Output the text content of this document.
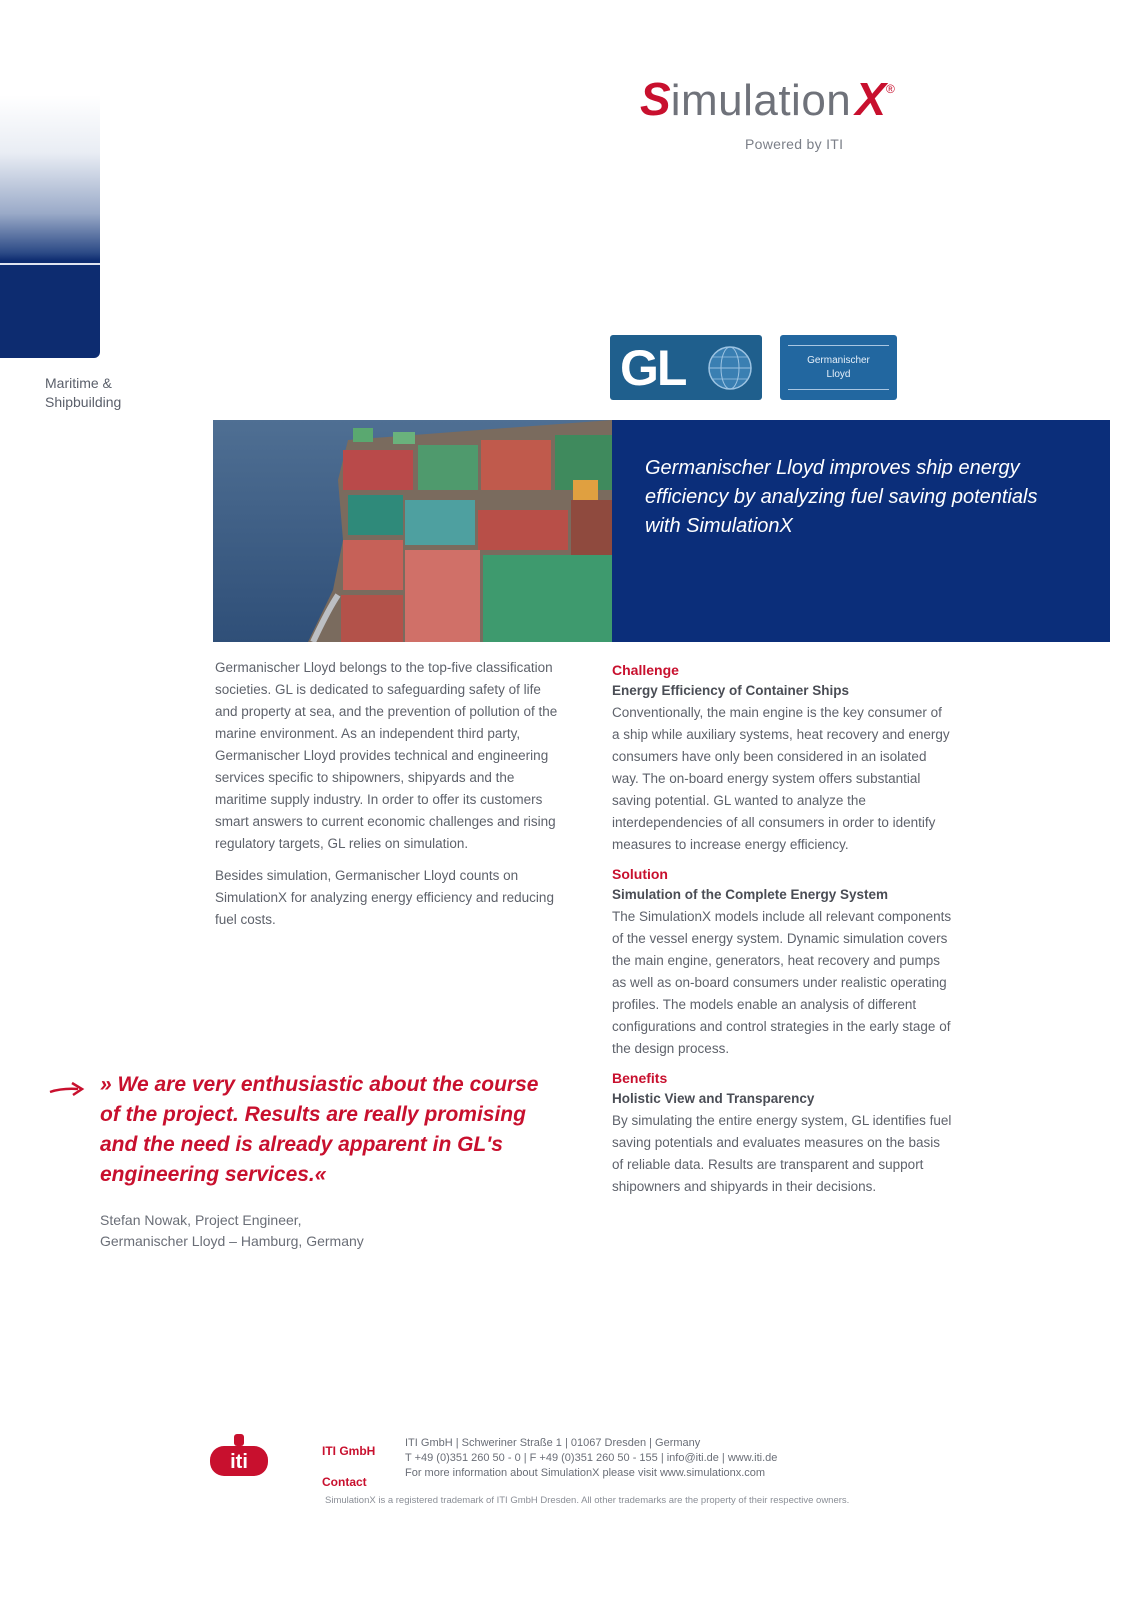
SimulationX®
Powered by ITI
Maritime &
Shipbuilding
GL	Germanischer
Lloyd
Germanischer Lloyd improves ship energy efficiency by analyzing fuel saving potentials with SimulationX

Germanischer Lloyd belongs to the top-five classification societies. GL is dedicated to safeguarding safety of life and property at sea, and the prevention of pollution of the marine environment. As an independent third party, Germanischer Lloyd provides technical and engineering services specific to shipowners, shipyards and the maritime supply industry. In order to offer its customers smart answers to current economic challenges and rising regulatory targets, GL relies on simulation.

Besides simulation, Germanischer Lloyd counts on SimulationX for analyzing energy efficiency and reducing fuel costs.

Challenge
Energy Efficiency of Container Ships

Conventionally, the main engine is the key consumer of a ship while auxiliary systems, heat recovery and energy consumers have only been considered in an isolated way. The on-board energy system offers substantial saving potential. GL wanted to analyze the interdependencies of all consumers in order to identify measures to increase energy efficiency.

Solution
Simulation of the Complete Energy System

The SimulationX models include all relevant components of the vessel energy system. Dynamic simulation covers the main engine, generators, heat recovery and pumps as well as on-board consumers under realistic operating profiles. The models enable an analysis of different configurations and control strategies in the early stage of the design process.

Benefits
Holistic View and Transparency

By simulating the entire energy system, GL identifies fuel saving potentials and evaluates measures on the basis of reliable data. Results are transparent and support shipowners and shipyards in their decisions.

» We are very enthusiastic about the course of the project. Results are really promising and the need is already apparent in GL's engineering services.«
Stefan Nowak, Project Engineer,
Germanischer Lloyd – Hamburg, Germany
iti	ITI GmbH
Contact
ITI GmbH | Schweriner Straße 1 | 01067 Dresden | Germany
T +49 (0)351 260 50 - 0 | F +49 (0)351 260 50 - 155 | info@iti.de | www.iti.de
For more information about SimulationX please visit www.simulationx.com
SimulationX is a registered trademark of ITI GmbH Dresden. All other trademarks are the property of their respective owners.
